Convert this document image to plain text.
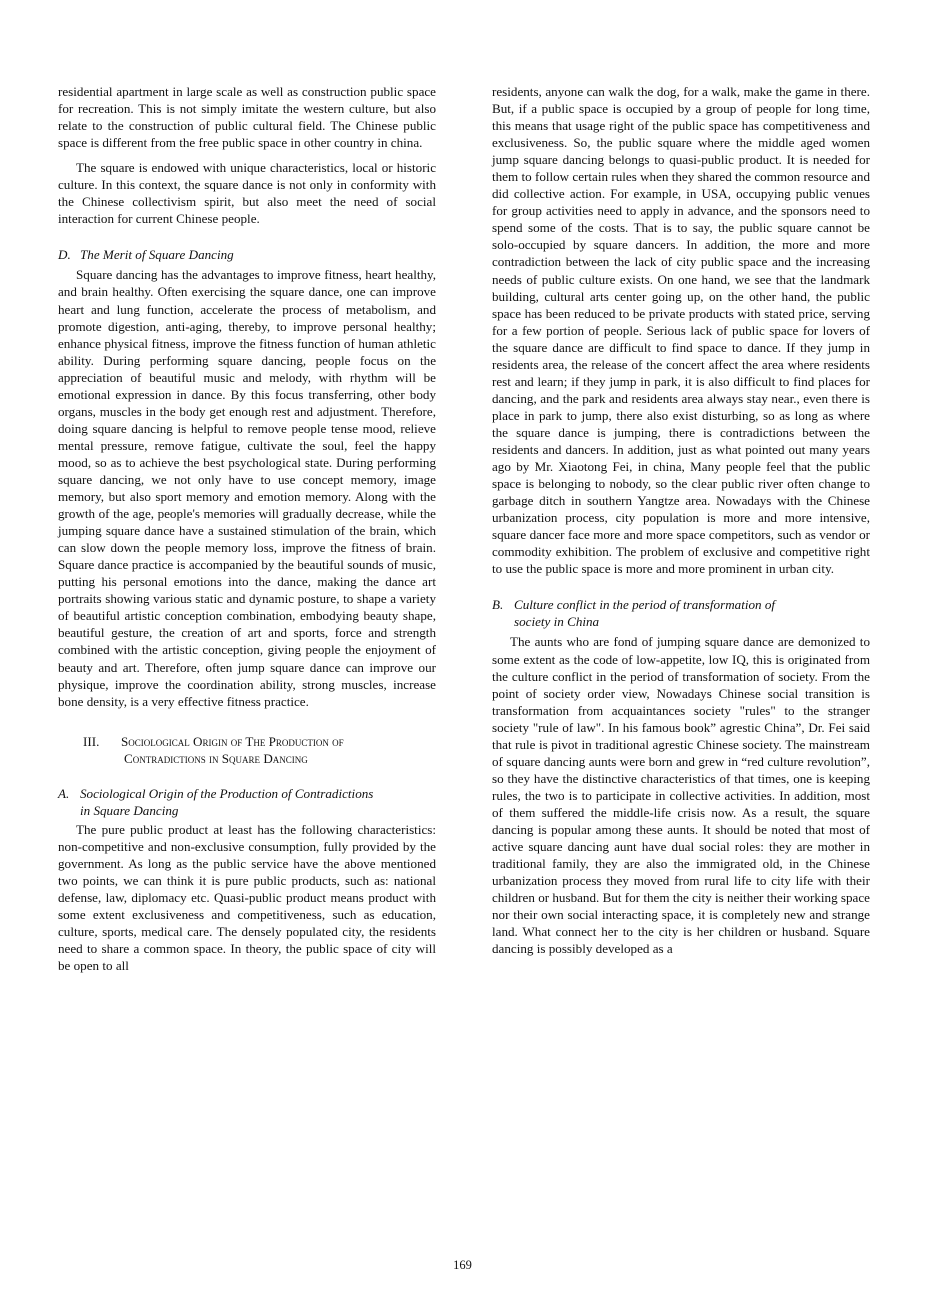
residential apartment in large scale as well as construction public space for recreation. This is not simply imitate the western culture, but also relate to the construction of public cultural field. The Chinese public space is different from the free public space in other country in china.

The square is endowed with unique characteristics, local or historic culture. In this context, the square dance is not only in conformity with the Chinese collectivism spirit, but also meet the need of social interaction for current Chinese people.

D. The Merit of Square Dancing

Square dancing has the advantages to improve fitness, heart healthy, and brain healthy. Often exercising the square dance, one can improve heart and lung function, accelerate the process of metabolism, and promote digestion, anti-aging, thereby, to improve personal healthy; enhance physical fitness, improve the fitness function of human athletic ability. During performing square dancing, people focus on the appreciation of beautiful music and melody, with rhythm will be emotional expression in dance. By this focus transferring, other body organs, muscles in the body get enough rest and adjustment. Therefore, doing square dancing is helpful to remove people tense mood, relieve mental pressure, remove fatigue, cultivate the soul, feel the happy mood, so as to achieve the best psychological state. During performing square dancing, we not only have to use concept memory, image memory, but also sport memory and emotion memory. Along with the growth of the age, people's memories will gradually decrease, while the jumping square dance have a sustained stimulation of the brain, which can slow down the people memory loss, improve the fitness of brain. Square dance practice is accompanied by the beautiful sounds of music, putting his personal emotions into the dance, making the dance art portraits showing various static and dynamic posture, to shape a variety of beautiful artistic conception combination, embodying beauty shape, beautiful gesture, the creation of art and sports, force and strength combined with the artistic conception, giving people the enjoyment of beauty and art. Therefore, often jump square dance can improve our physique, improve the coordination ability, strong muscles, increase bone density, is a very effective fitness practice.

III. Sociological Origin of The Production of
Contradictions in Square Dancing
A. Sociological Origin of the Production of Contradictions
in Square Dancing

The pure public product at least has the following characteristics: non-competitive and non-exclusive consumption, fully provided by the government. As long as the public service have the above mentioned two points, we can think it is pure public products, such as: national defense, law, diplomacy etc. Quasi-public product means product with some extent exclusiveness and competitiveness, such as education, culture, sports, medical care. The densely populated city, the residents need to share a common space. In theory, the public space of city will be open to all

residents, anyone can walk the dog, for a walk, make the game in there. But, if a public space is occupied by a group of people for long time, this means that usage right of the public space has competitiveness and exclusiveness. So, the public square where the middle aged women jump square dancing belongs to quasi-public product. It is needed for them to follow certain rules when they shared the common resource and did collective action. For example, in USA, occupying public venues for group activities need to apply in advance, and the sponsors need to spend some of the costs. That is to say, the public square cannot be solo-occupied by square dancers. In addition, the more and more contradiction between the lack of city public space and the increasing needs of public culture exists. On one hand, we see that the landmark building, cultural arts center going up, on the other hand, the public space has been reduced to be private products with stated price, serving for a few portion of people. Serious lack of public space for lovers of the square dance are difficult to find space to dance. If they jump in residents area, the release of the concert affect the area where residents rest and learn; if they jump in park, it is also difficult to find places for dancing, and the park and residents area always stay near., even there is place in park to jump, there also exist disturbing, so as long as where the square dance is jumping, there is contradictions between the residents and dancers. In addition, just as what pointed out many years ago by Mr. Xiaotong Fei, in china, Many people feel that the public space is belonging to nobody, so the clear public river often change to garbage ditch in southern Yangtze area. Nowadays with the Chinese urbanization process, city population is more and more intensive, square dancer face more and more space competitors, such as vendor or commodity exhibition. The problem of exclusive and competitive right to use the public space is more and more prominent in urban city.

B. Culture conflict in the period of transformation of
society in China

The aunts who are fond of jumping square dance are demonized to some extent as the code of low-appetite, low IQ, this is originated from the culture conflict in the period of transformation of society. From the point of society order view, Nowadays Chinese social transition is transformation from acquaintances society "rules" to the stranger society "rule of law". In his famous book” agrestic China”, Dr. Fei said that rule is pivot in traditional agrestic Chinese society. The mainstream of square dancing aunts were born and grew in “red culture revolution”, so they have the distinctive characteristics of that times, one is keeping rules, the two is to participate in collective activities. In addition, most of them suffered the middle-life crisis now. As a result, the square dancing is popular among these aunts. It should be noted that most of active square dancing aunt have dual social roles: they are mother in traditional family, they are also the immigrated old, in the Chinese urbanization process they moved from rural life to city life with their children or husband. But for them the city is neither their working space nor their own social interacting space, it is completely new and strange land. What connect her to the city is her children or husband. Square dancing is possibly developed as a

169
